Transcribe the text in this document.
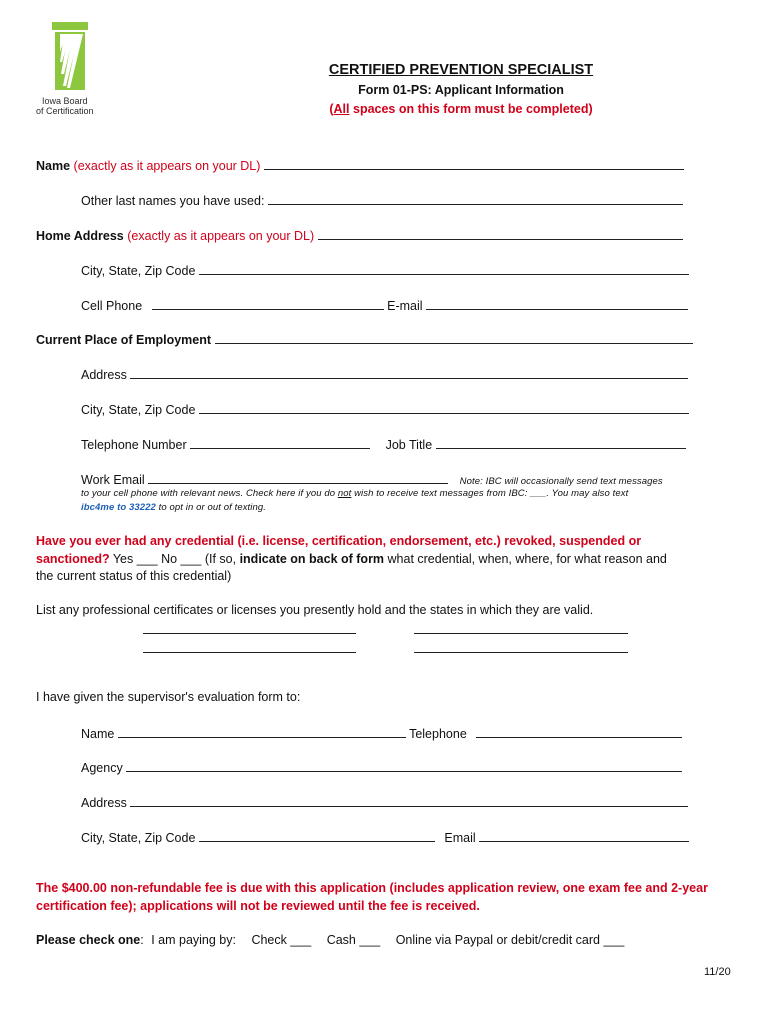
Iowa Board
of Certification
CERTIFIED PREVENTION SPECIALIST
Form 01-PS: Applicant Information
(All spaces on this form must be completed)
Name (exactly as it appears on your DL)
Other last names you have used:
Home Address (exactly as it appears on your DL)
City, State, Zip Code
Cell Phone	E-mail
Current Place of Employment
Address
City, State, Zip Code
Telephone Number	Job Title
Work Email	Note: IBC will occasionally send text messages
to your cell phone with relevant news. Check here if you do not wish to receive text messages from IBC: ___. You may also text
ibc4me to 33222 to opt in or out of texting.
Have you ever had any credential (i.e. license, certification, endorsement, etc.) revoked, suspended or
sanctioned? Yes ___ No ___ (If so, indicate on back of form what credential, when, where, for what reason and
the current status of this credential)
List any professional certificates or licenses you presently hold and the states in which they are valid.
I have given the supervisor's evaluation form to:
Name	Telephone
Agency
Address
City, State, Zip Code	Email
The $400.00 non-refundable fee is due with this application (includes application review, one exam fee and 2-year
certification fee); applications will not be reviewed until the fee is received.
Please check one: I am paying by: Check ___ Cash ___ Online via Paypal or debit/credit card ___
11/20
